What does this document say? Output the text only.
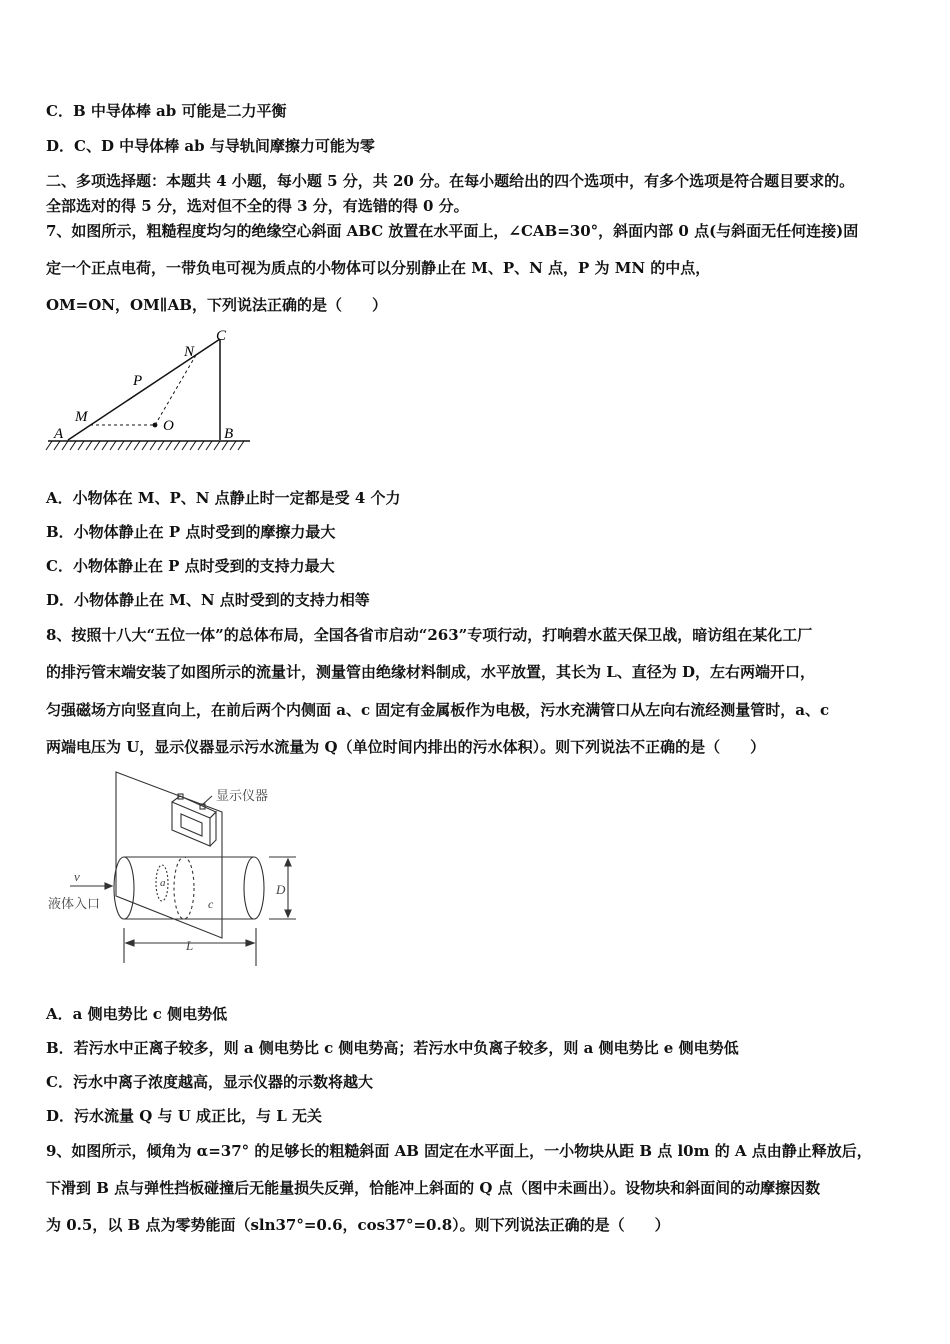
C．B 中导体棒 ab 可能是二力平衡
D．C、D 中导体棒 ab 与导轨间摩擦力可能为零
二、多项选择题：本题共 4 小题，每小题 5 分，共 20 分。在每小题给出的四个选项中，有多个选项是符合题目要求的。
全部选对的得 5 分，选对但不全的得 3 分，有选错的得 0 分。
7、如图所示，粗糙程度均匀的绝缘空心斜面 ABC 放置在水平面上，∠CAB=30°，斜面内部 0 点(与斜面无任何连接)固
定一个正点电荷，一带负电可视为质点的小物体可以分别静止在 M、P、N 点，P 为 MN 的中点，
OM=ON，OM∥AB，下列说法正确的是（　　）
A	B
C
M
P
N
O
A．小物体在 M、P、N 点静止时一定都是受 4 个力
B．小物体静止在 P 点时受到的摩擦力最大
C．小物体静止在 P 点时受到的支持力最大
D．小物体静止在 M、N 点时受到的支持力相等
8、按照十八大“五位一体”的总体布局，全国各省市启动“263”专项行动，打响碧水蓝天保卫战，暗访组在某化工厂
的排污管末端安装了如图所示的流量计，测量管由绝缘材料制成，水平放置，其长为 L、直径为 D，左右两端开口，
匀强磁场方向竖直向上，在前后两个内侧面 a、c 固定有金属板作为电极，污水充满管口从左向右流经测量管时，a、c
两端电压为 U，显示仪器显示污水流量为 Q（单位时间内排出的污水体积）。则下列说法不正确的是（　　）
显示仪器
v
液体入口
a
c
D
L
A．a 侧电势比 c 侧电势低
B．若污水中正离子较多，则 a 侧电势比 c 侧电势高；若污水中负离子较多，则 a 侧电势比 e 侧电势低
C．污水中离子浓度越高，显示仪器的示数将越大
D．污水流量 Q 与 U 成正比，与 L 无关
9、如图所示，倾角为 α=37° 的足够长的粗糙斜面 AB 固定在水平面上，一小物块从距 B 点 l0m 的 A 点由静止释放后，
下滑到 B 点与弹性挡板碰撞后无能量损失反弹，恰能冲上斜面的 Q 点（图中未画出）。设物块和斜面间的动摩擦因数
为 0.5，以 B 点为零势能面（sln37°=0.6，cos37°=0.8）。则下列说法正确的是（　　）
